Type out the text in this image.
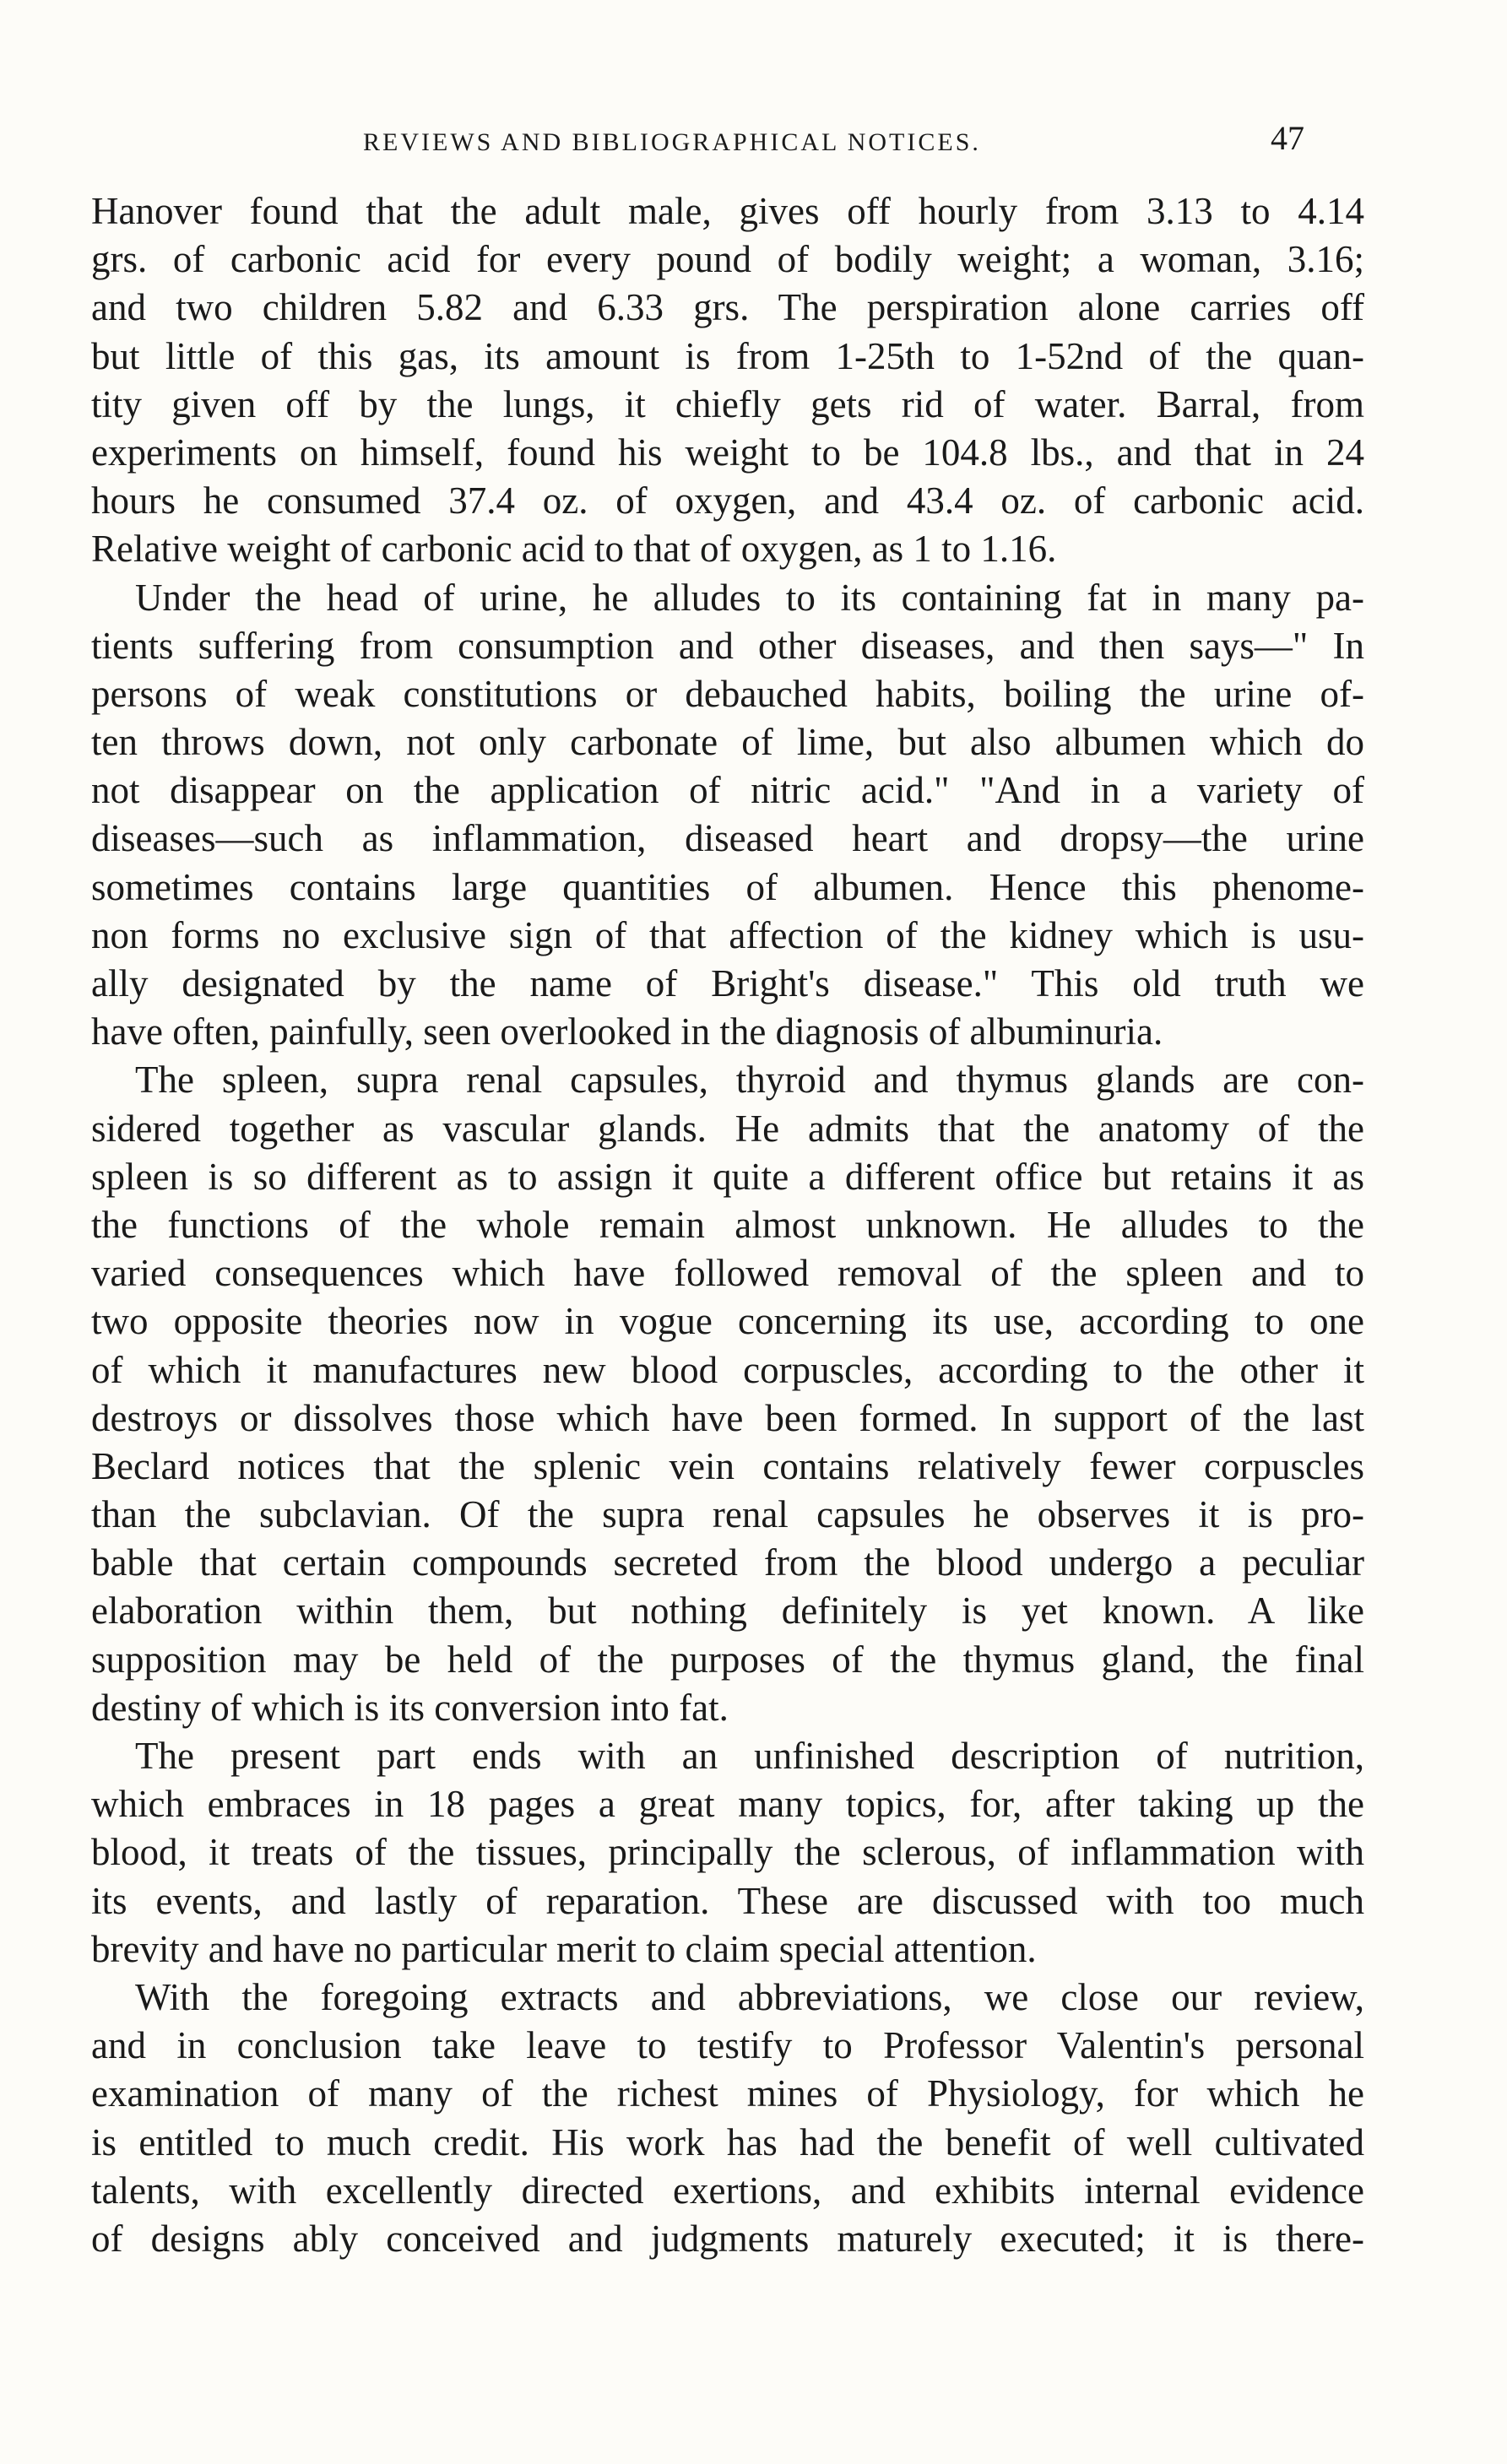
REVIEWS AND BIBLIOGRAPHICAL NOTICES.	47

Hanover found that the adult male, gives off hourly from 3.13 to 4.14
grs. of carbonic acid for every pound of bodily weight; a woman, 3.16;
and two children 5.82 and 6.33 grs. The perspiration alone carries off
but little of this gas, its amount is from 1-25th to 1-52nd of the quan-
tity given off by the lungs, it chiefly gets rid of water. Barral, from
experiments on himself, found his weight to be 104.8 lbs., and that in 24
hours he consumed 37.4 oz. of oxygen, and 43.4 oz. of carbonic acid.
Relative weight of carbonic acid to that of oxygen, as 1 to 1.16.

Under the head of urine, he alludes to its containing fat in many pa-
tients suffering from consumption and other diseases, and then says—" In
persons of weak constitutions or debauched habits, boiling the urine of-
ten throws down, not only carbonate of lime, but also albumen which do
not disappear on the application of nitric acid." "And in a variety of
diseases—such as inflammation, diseased heart and dropsy—the urine
sometimes contains large quantities of albumen. Hence this phenome-
non forms no exclusive sign of that affection of the kidney which is usu-
ally designated by the name of Bright's disease." This old truth we
have often, painfully, seen overlooked in the diagnosis of albuminuria.

The spleen, supra renal capsules, thyroid and thymus glands are con-
sidered together as vascular glands. He admits that the anatomy of the
spleen is so different as to assign it quite a different office but retains it as
the functions of the whole remain almost unknown. He alludes to the
varied consequences which have followed removal of the spleen and to
two opposite theories now in vogue concerning its use, according to one
of which it manufactures new blood corpuscles, according to the other it
destroys or dissolves those which have been formed. In support of the last
Beclard notices that the splenic vein contains relatively fewer corpuscles
than the subclavian. Of the supra renal capsules he observes it is pro-
bable that certain compounds secreted from the blood undergo a peculiar
elaboration within them, but nothing definitely is yet known. A like
supposition may be held of the purposes of the thymus gland, the final
destiny of which is its conversion into fat.

The present part ends with an unfinished description of nutrition,
which embraces in 18 pages a great many topics, for, after taking up the
blood, it treats of the tissues, principally the sclerous, of inflammation with
its events, and lastly of reparation. These are discussed with too much
brevity and have no particular merit to claim special attention.

With the foregoing extracts and abbreviations, we close our review,
and in conclusion take leave to testify to Professor Valentin's personal
examination of many of the richest mines of Physiology, for which he
is entitled to much credit. His work has had the benefit of well cultivated
talents, with excellently directed exertions, and exhibits internal evidence
of designs ably conceived and judgments maturely executed; it is there-
